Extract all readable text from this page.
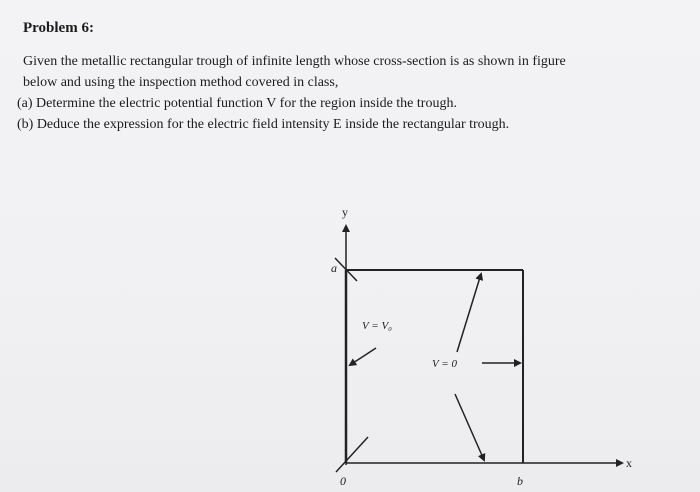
Problem 6:
Given the metallic rectangular trough of infinite length whose cross-section is as shown in figure
below and using the inspection method covered in class,
(a) Determine the electric potential function V for the region inside the trough.
(b) Deduce the expression for the electric field intensity E inside the rectangular trough.
y
x
a
b
0
V = V₀
V = 0
